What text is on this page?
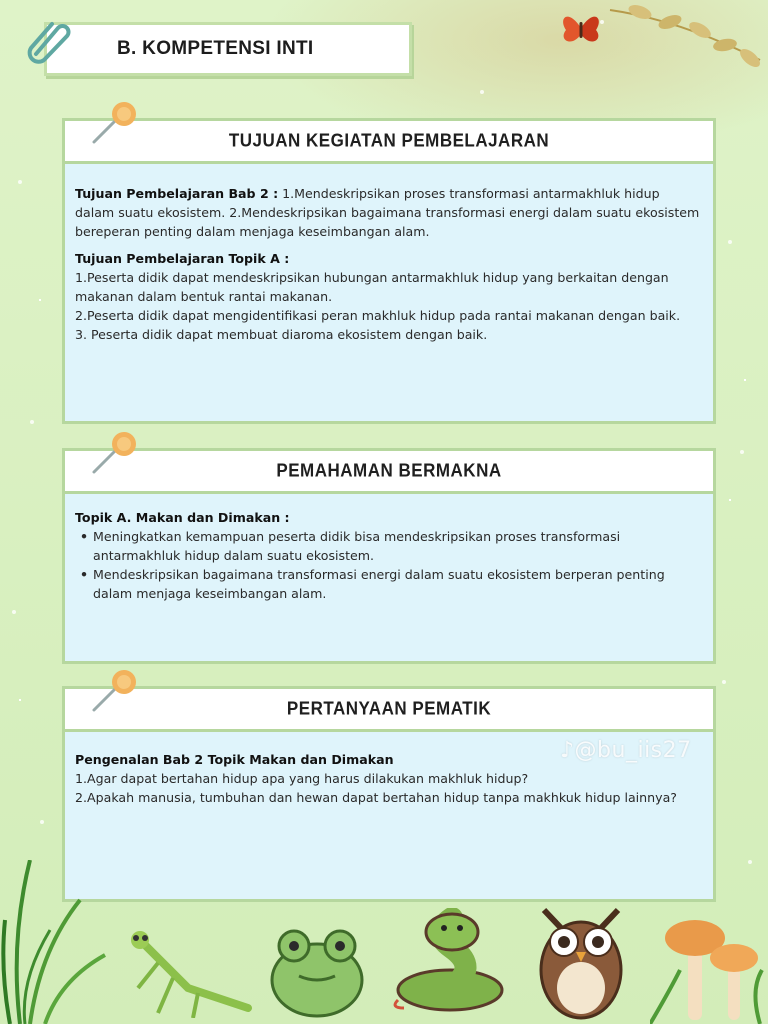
B. KOMPETENSI INTI
TUJUAN KEGIATAN PEMBELAJARAN

Tujuan Pembelajaran Bab 2 : 1.Mendeskripsikan proses transformasi antarmakhluk hidup dalam suatu ekosistem. 2.Mendeskripsikan bagaimana transformasi energi dalam suatu ekosistem bereperan penting dalam menjaga keseimbangan alam.

Tujuan Pembelajaran Topik A :

1.Peserta didik dapat mendeskripsikan hubungan antarmakhluk hidup yang berkaitan dengan makanan dalam bentuk rantai makanan.

2.Peserta didik dapat mengidentifikasi peran makhluk hidup pada rantai makanan dengan baik.

3. Peserta didik dapat membuat diaroma ekosistem dengan baik.

PEMAHAMAN BERMAKNA

Topik A. Makan dan Dimakan :

• Meningkatkan kemampuan peserta didik bisa mendeskripsikan proses transformasi antarmakhluk hidup dalam suatu ekosistem.
• Mendeskripsikan bagaimana transformasi energi dalam suatu ekosistem berperan penting dalam menjaga keseimbangan alam.
PERTANYAAN PEMATIK

Pengenalan Bab 2 Topik Makan dan Dimakan

1.Agar dapat bertahan hidup apa yang harus dilakukan makhluk hidup?

2.Apakah manusia, tumbuhan dan hewan dapat bertahan hidup tanpa makhkuk hidup lainnya?

♪@bu_iis27
